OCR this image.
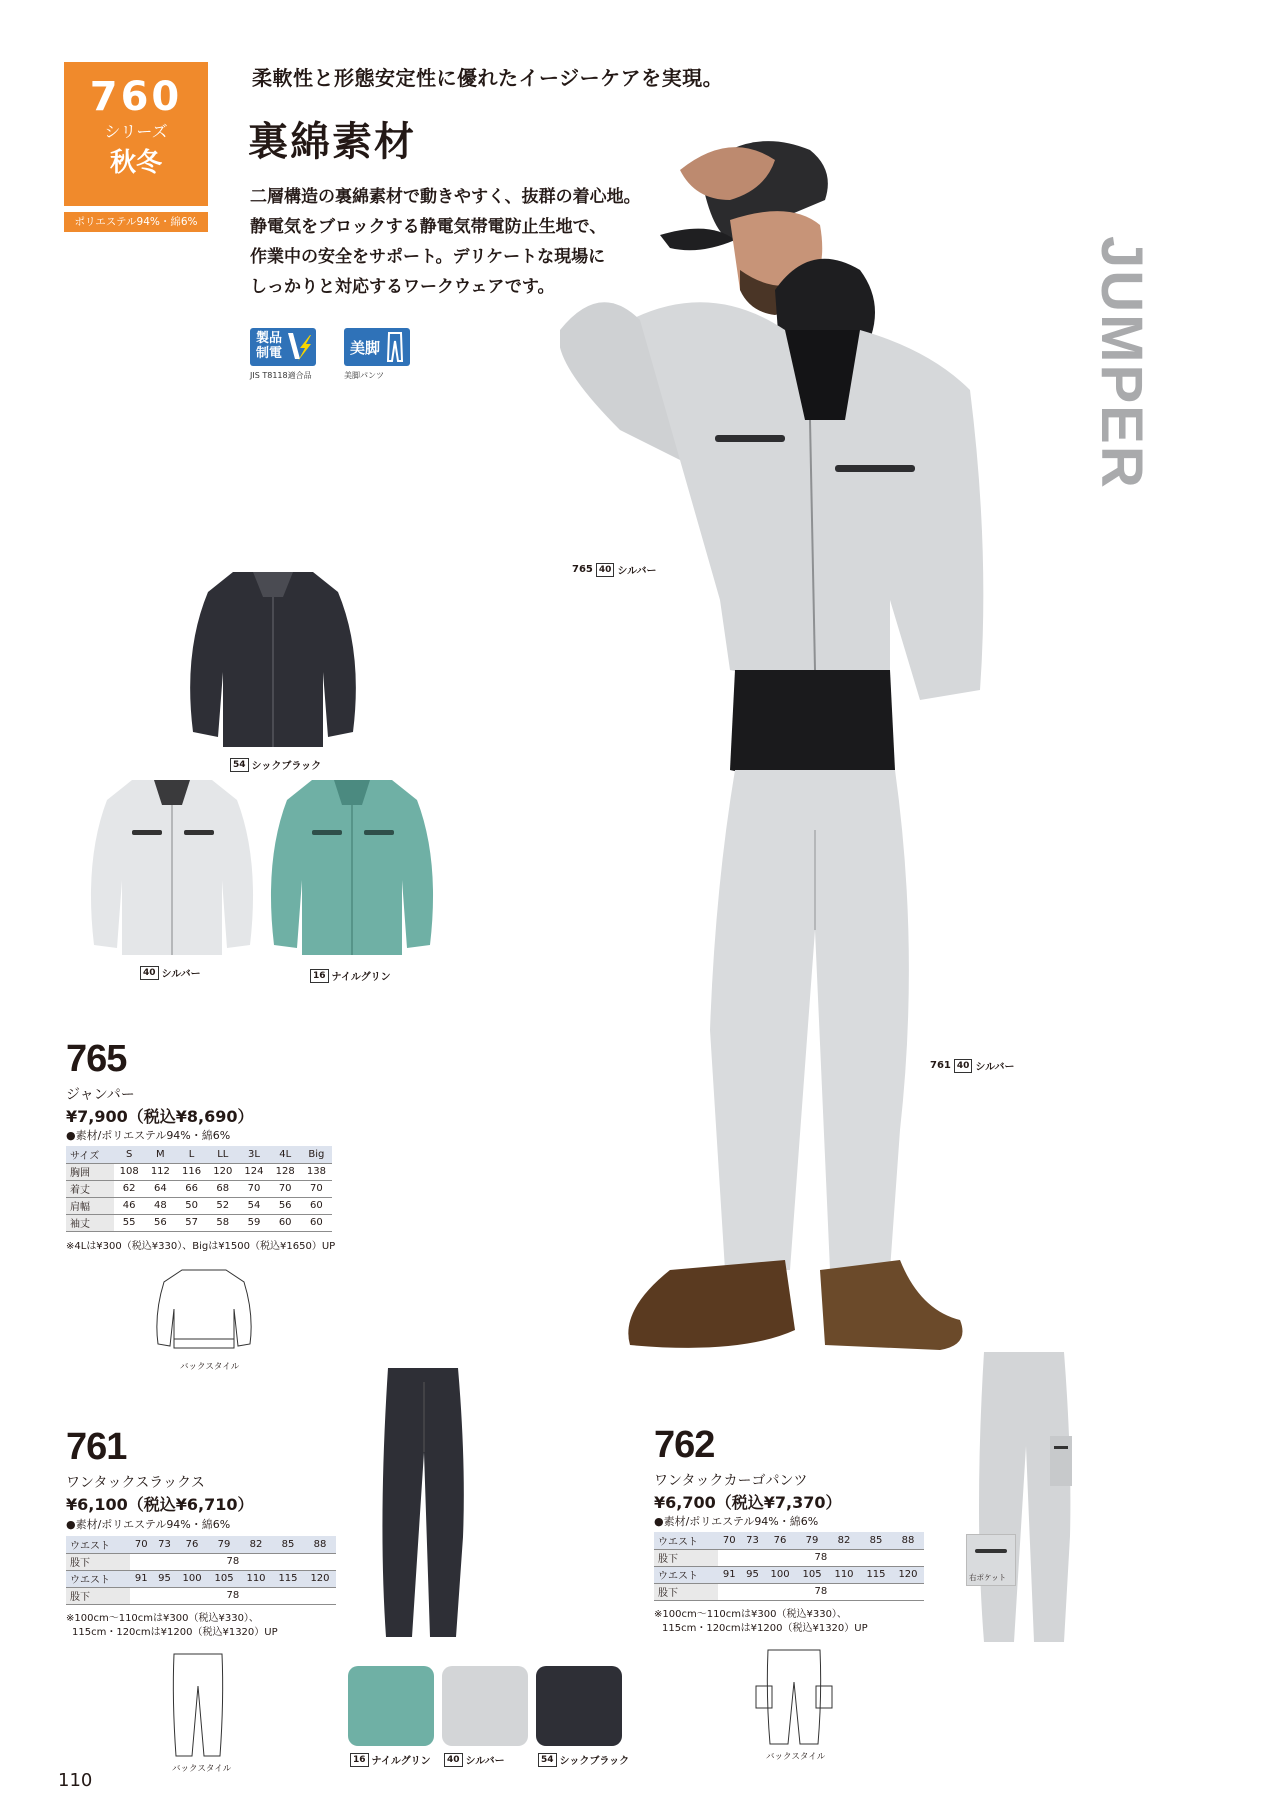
760
シリーズ
秋冬
ポリエステル94%・綿6%
柔軟性と形態安定性に優れたイージーケアを実現。
裏綿素材
二層構造の裏綿素材で動きやすく、抜群の着心地。
静電気をブロックする静電気帯電防止生地で、
作業中の安全をサポート。デリケートな現場に
しっかりと対応するワークウェアです。
製品
制電
JIS T8118適合品
美脚
美脚パンツ	JUMPER
765 40 シルバー
761 40 シルバー
54 シックブラック
40 シルバー	16 ナイルグリン
765
ジャンパー
¥7,900（税込¥8,690）
●素材/ポリエステル94%・綿6%
サイズ	S	M	L	LL	3L	4L	Big
胸囲	108	112	116	120	124	128	138
着丈	62	64	66	68	70	70	70
肩幅	46	48	50	52	54	56	60
袖丈	55	56	57	58	59	60	60
※4Lは¥300（税込¥330）、Bigは¥1500（税込¥1650）UP
バックスタイル
761
ワンタックスラックス
¥6,100（税込¥6,710）
●素材/ポリエステル94%・綿6%
ウエスト	70	73	76	79	82	85	88
股下	78						
ウエスト	91	95	100	105	110	115	120
股下	78						
※100cm〜110cmは¥300（税込¥330）、
115cm・120cmは¥1200（税込¥1320）UP
バックスタイル
16 ナイルグリン	40 シルバー	54 シックブラック
762
ワンタックカーゴパンツ
¥6,700（税込¥7,370）
●素材/ポリエステル94%・綿6%
ウエスト	70	73	76	79	82	85	88
股下	78						
ウエスト	91	95	100	105	110	115	120
股下	78						
※100cm〜110cmは¥300（税込¥330）、
115cm・120cmは¥1200（税込¥1320）UP
バックスタイル
右ポケット
110
